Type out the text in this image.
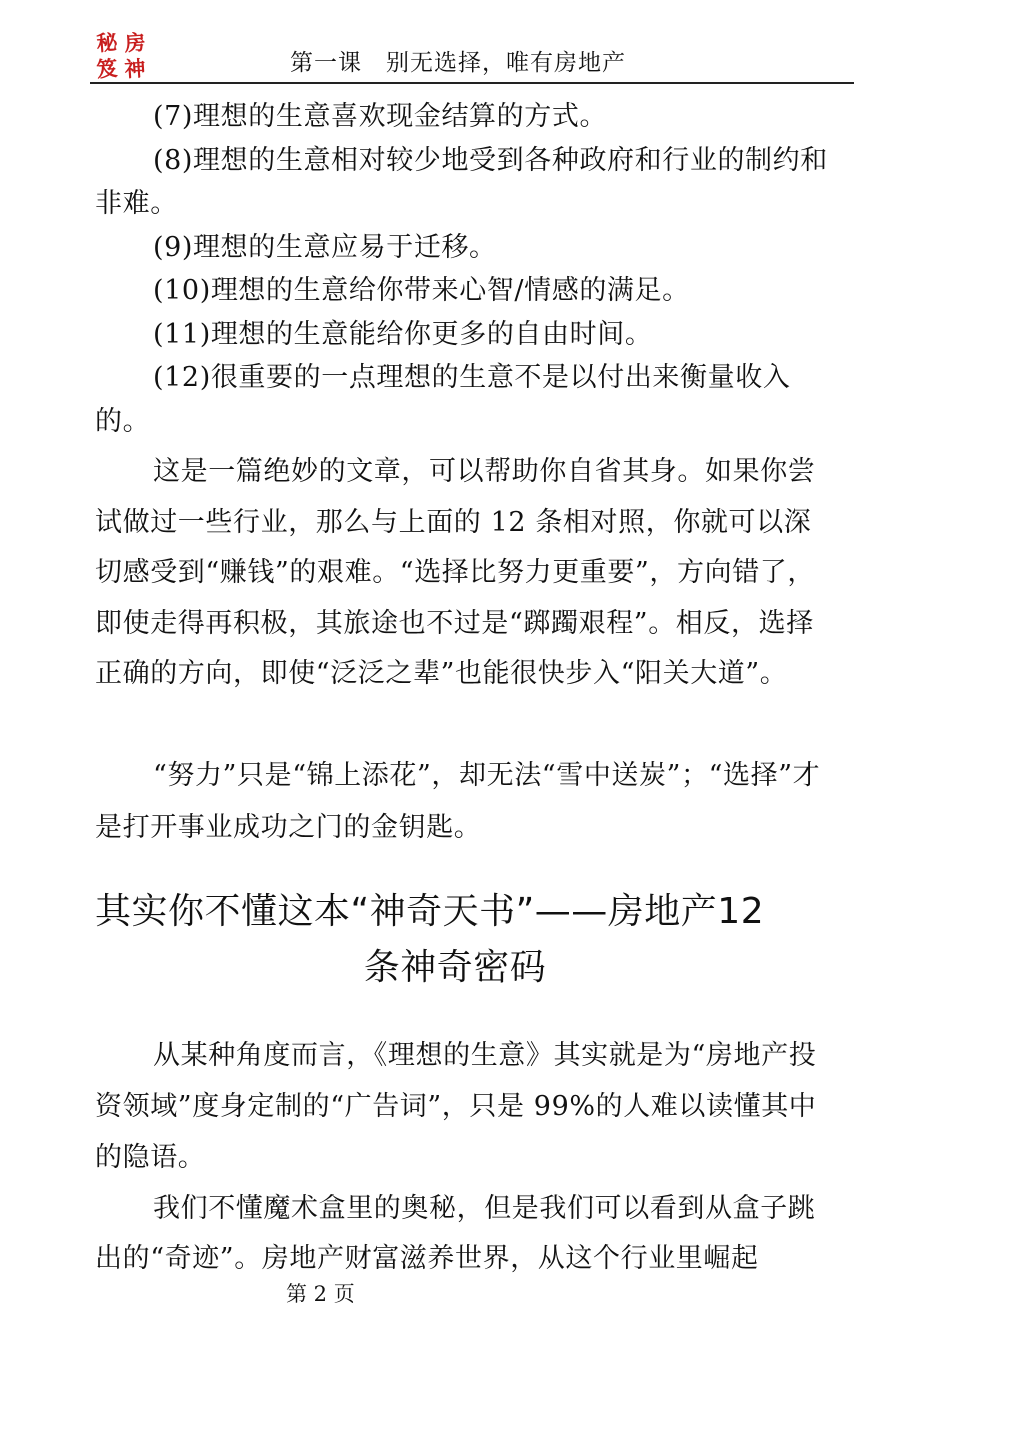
秘 房
笈 神	第一课　别无选择，唯有房地产

(7)理想的生意喜欢现金结算的方式。

(8)理想的生意相对较少地受到各种政府和行业的制约和非难。

(9)理想的生意应易于迁移。

(10)理想的生意给你带来心智/情感的满足。

(11)理想的生意能给你更多的自由时间。

(12)很重要的一点理想的生意不是以付出来衡量收入的。

这是一篇绝妙的文章，可以帮助你自省其身。如果你尝试做过一些行业，那么与上面的 12 条相对照，你就可以深切感受到“赚钱”的艰难。“选择比努力更重要”，方向错了，即使走得再积极，其旅途也不过是“踯躅艰程”。相反，选择正确的方向，即使“泛泛之辈”也能很快步入“阳关大道”。

“努力”只是“锦上添花”，却无法“雪中送炭”；“选择”才是打开事业成功之门的金钥匙。

其实你不懂这本“神奇天书”——房地产12
条神奇密码

从某种角度而言，《理想的生意》其实就是为“房地产投资领域”度身定制的“广告词”，只是 99%的人难以读懂其中的隐语。

我们不懂魔术盒里的奥秘，但是我们可以看到从盒子跳出的“奇迹”。房地产财富滋养世界，从这个行业里崛起

第 2 页
